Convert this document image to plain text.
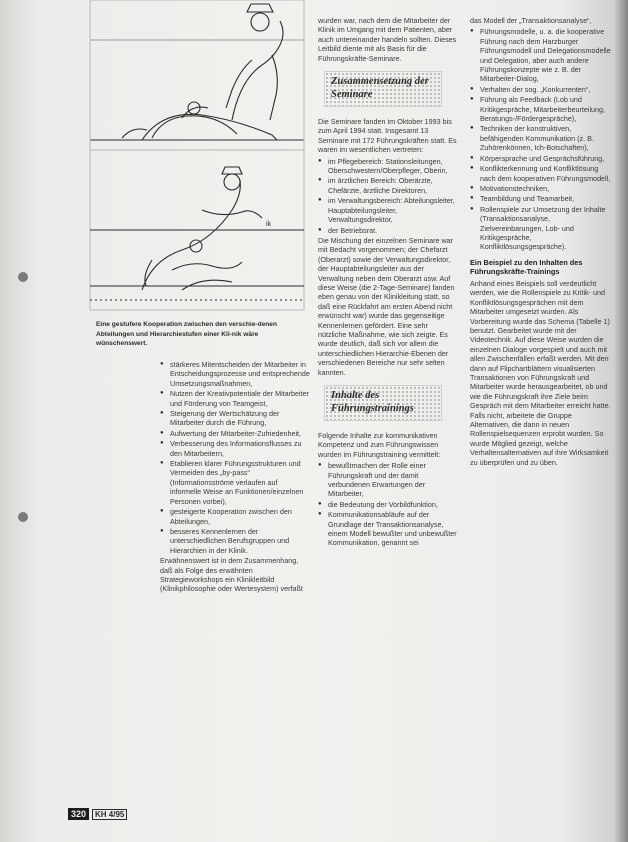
ik
Eine gestufere Kooperation zwischen den verschie-denen Abteilungen und Hierarchiestufen einer Kli-nik wäre wünschenswert.
● stärkeres Mitentscheiden der Mitarbeiter in Entscheidungsprozesse und entsprechende Umsetzungsmaßnahmen,
● Nutzen der Kreativpotentiale der Mitarbeiter und Förderung von Teamgeist,
● Steigerung der Wertschätzung der Mitarbeiter durch die Führung,
● Aufwertung der Mitarbeiter-Zufriedenheit,
● Verbesserung des Informationsflusses zu den Mitarbeitern,
● Etablieren klarer Führungsstrukturen und Vermeiden des „by-pass“ (Informationsströme verlaufen auf informelle Weise an Funktionen/einzelnen Personen vorbei),
● gesteigerte Kooperation zwischen den Abteilungen,
● besseres Kennenlernen der unterschiedlichen Berufsgruppen und Hierarchien in der Klinik.

Erwähnenswert ist in dem Zusammenhang, daß als Folge des erwähnten Strategieworkshops ein Klinikleitbild (Klinikphilosophie oder Wertesystem) verfaßt

wurden war, nach dem die Mitarbeiter der Klinik im Umgang mit dem Patienten, aber auch untereinander handeln sollten. Dieses Leitbild diente mit als Basis für die Führungskräfte-Seminare.

Zusammensetzung der Seminare

Die Seminare fanden im Oktober 1993 bis zum April 1994 statt. Insgesamt 13 Seminare mit 172 Führungskräften statt. Es waren im wesentlichen vertreten:

● im Pflegebereich: Stationsleitungen, Oberschwestern/Oberpfleger, Oberin,
● im ärztlichen Bereich: Oberärzte, Chefärzte, ärztliche Direktoren,
● im Verwaltungsbereich: Abteilungsleiter, Hauptabteilungsleiter, Verwaltungsdirektor,
● der Betriebsrat.

Die Mischung der einzelnen Seminare war mit Bedacht vorgenommen; der Chefarzt (Oberarzt) sowie der Verwaltungsdirektor, der Hauptabteilungsleiter aus der Verwaltung neben dem Oberarzt usw. Auf diese Weise (die 2-Tage-Seminare) fanden eben genau von der Klinikleitung statt, so daß eine Rückfahrt am ersten Abend nicht erwünscht war) wurde das gegenseitige Kennenlernen gefördert. Eine sehr nützliche Maßnahme, wie sich zeigte. Es wurde deutlich, daß sich vor allem die unterschiedlichen Hierarchie-Ebenen der verschiedenen Bereiche nur sehr selten kannten.

Inhalte des Führungstrainings

Folgende Inhalte zur kommunikativen Kompetenz und zum Führungswissen wurden im Führungstraining vermittelt:

● bewußtmachen der Rolle einer Führungskraft und der damit verbundenen Erwartungen der Mitarbeiter,
● die Bedeutung der Vorbildfunktion,
● Kommunikationsabläufe auf der Grundlage der Transaktionsanalyse, einem Modell bewußter und unbewußter Kommunikation, genannt sei

das Modell der „Transaktionsanalyse“,

● Führungsmodelle, u. a. die kooperative Führung nach dem Harzburger Führungsmodell und Delegationsmodelle und Delegation, aber auch andere Führungskonzepte wie z. B. der Mitarbeiter-Dialog,
● Verhalten der sog. „Konkurrenten“,
● Führung als Feedback (Lob und Kritikgespräche, Mitarbeiterbeurteilung, Beratungs-/Fördergespräche),
● Techniken der konstruktiven, befähigenden Kommunikation (z. B. Zuhörenkönnen, Ich-Botschaften),
● Körpersprache und Gesprächsführung,
● Konflikterkennung und Konfliktlösung nach dem kooperativen Führungsmodell,
● Motivationstechniken,
● Teambildung und Teamarbeit,
● Rollenspiele zur Umsetzung der Inhalte (Transaktionsanalyse, Zielvereinbarungen, Lob- und Kritikgespräche, Konfliktlösungsgespräche).
Ein Beispiel zu den Inhalten des Führungskräfte-Trainings

Anhand eines Beispiels soll verdeutlicht werden, wie die Rollenspiele zu Kritik- und Konfliktlösungsgesprächen mit dem Mitarbeiter umgesetzt wurden. Als Vorbereitung wurde das Schema (Tabelle 1) benutzt. Gearbeitet wurde mit der Videotechnik. Auf diese Weise wurden die einzelnen Dialoge vorgespielt und auch mit allen Zwischenfällen erfaßt werden. Mit den dann auf Flipchartblättern visualisierten Transaktionen von Führungskraft und Mitarbeiter wurde herausgearbeitet, ob und wie die Führungskraft ihre Ziele beim Gespräch mit dem Mitarbeiter erreicht hatte. Falls nicht, arbeitete die Gruppe Alternativen, die dann in neuen Rollenspielsequenzen erprobt wurden. So wurde Mitglied gezeigt, welche Verhaltensalternativen auf ihre Wirksamkeit zu überprüfen und zu üben.

320	KH 4/95
